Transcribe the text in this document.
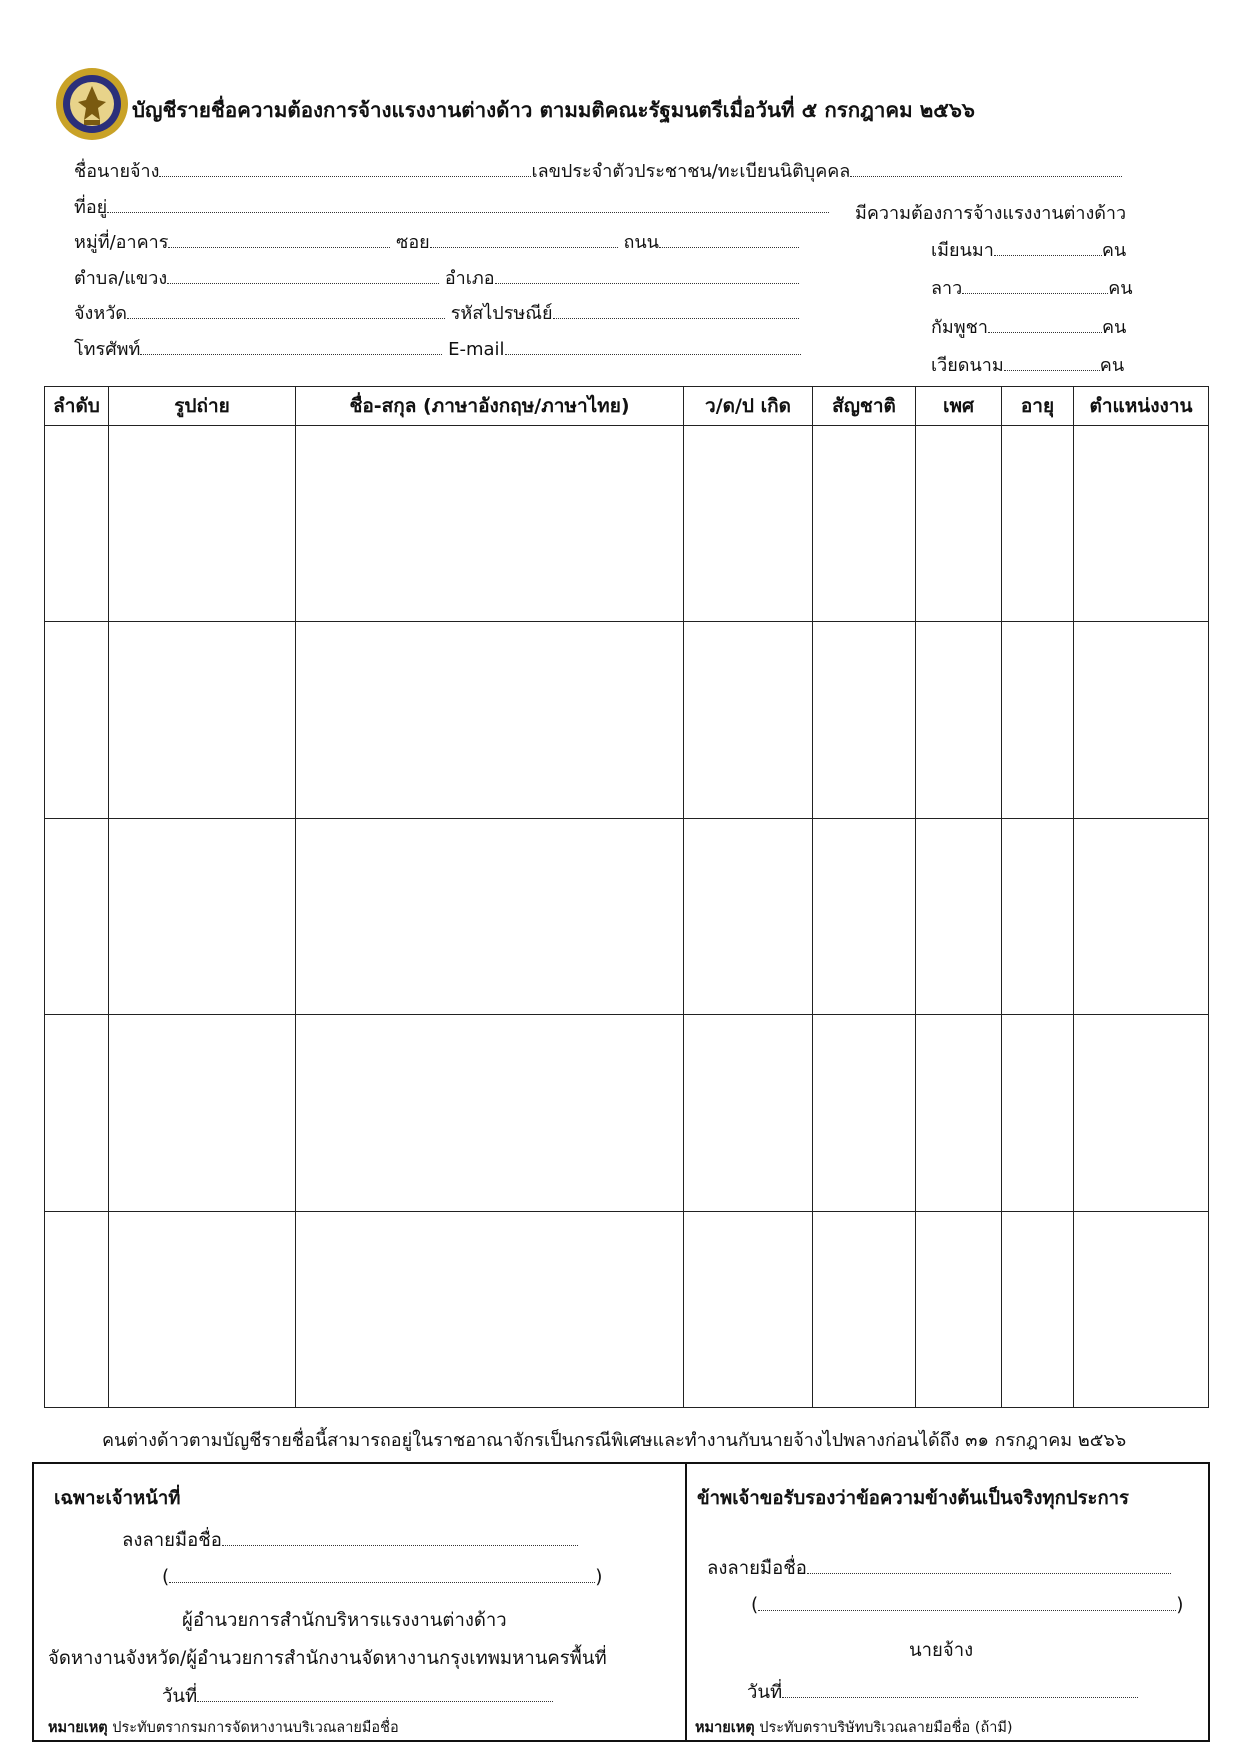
บัญชีรายชื่อความต้องการจ้างแรงงานต่างด้าว ตามมติคณะรัฐมนตรีเมื่อวันที่ ๕ กรกฎาคม ๒๕๖๖
ชื่อนายจ้าง	เลขประจำตัวประชาชน/ทะเบียนนิติบุคคล
ที่อยู่
หมู่ที่/อาคาร	ซอย	ถนน
ตำบล/แขวง	อำเภอ
จังหวัด	รหัสไปรษณีย์
โทรศัพท์	E-mail
มีความต้องการจ้างแรงงานต่างด้าว
เมียนมา	คน
ลาว	คน
กัมพูชา	คน
เวียดนาม	คน
ลำดับ	รูปถ่าย	ชื่อ-สกุล (ภาษาอังกฤษ/ภาษาไทย)	ว/ด/ป เกิด	สัญชาติ	เพศ	อายุ	ตำแหน่งงาน

คนต่างด้าวตามบัญชีรายชื่อนี้สามารถอยู่ในราชอาณาจักรเป็นกรณีพิเศษและทำงานกับนายจ้างไปพลางก่อนได้ถึง ๓๑ กรกฎาคม ๒๕๖๖
เฉพาะเจ้าหน้าที่
ลงลายมือชื่อ
(	)
ผู้อำนวยการสำนักบริหารแรงงานต่างด้าว
จัดหางานจังหวัด/ผู้อำนวยการสำนักงานจัดหางานกรุงเทพมหานครพื้นที่
วันที่
หมายเหตุ ประทับตรากรมการจัดหางานบริเวณลายมือชื่อ
ข้าพเจ้าขอรับรองว่าข้อความข้างต้นเป็นจริงทุกประการ
ลงลายมือชื่อ
(	)
นายจ้าง
วันที่
หมายเหตุ ประทับตราบริษัทบริเวณลายมือชื่อ (ถ้ามี)
